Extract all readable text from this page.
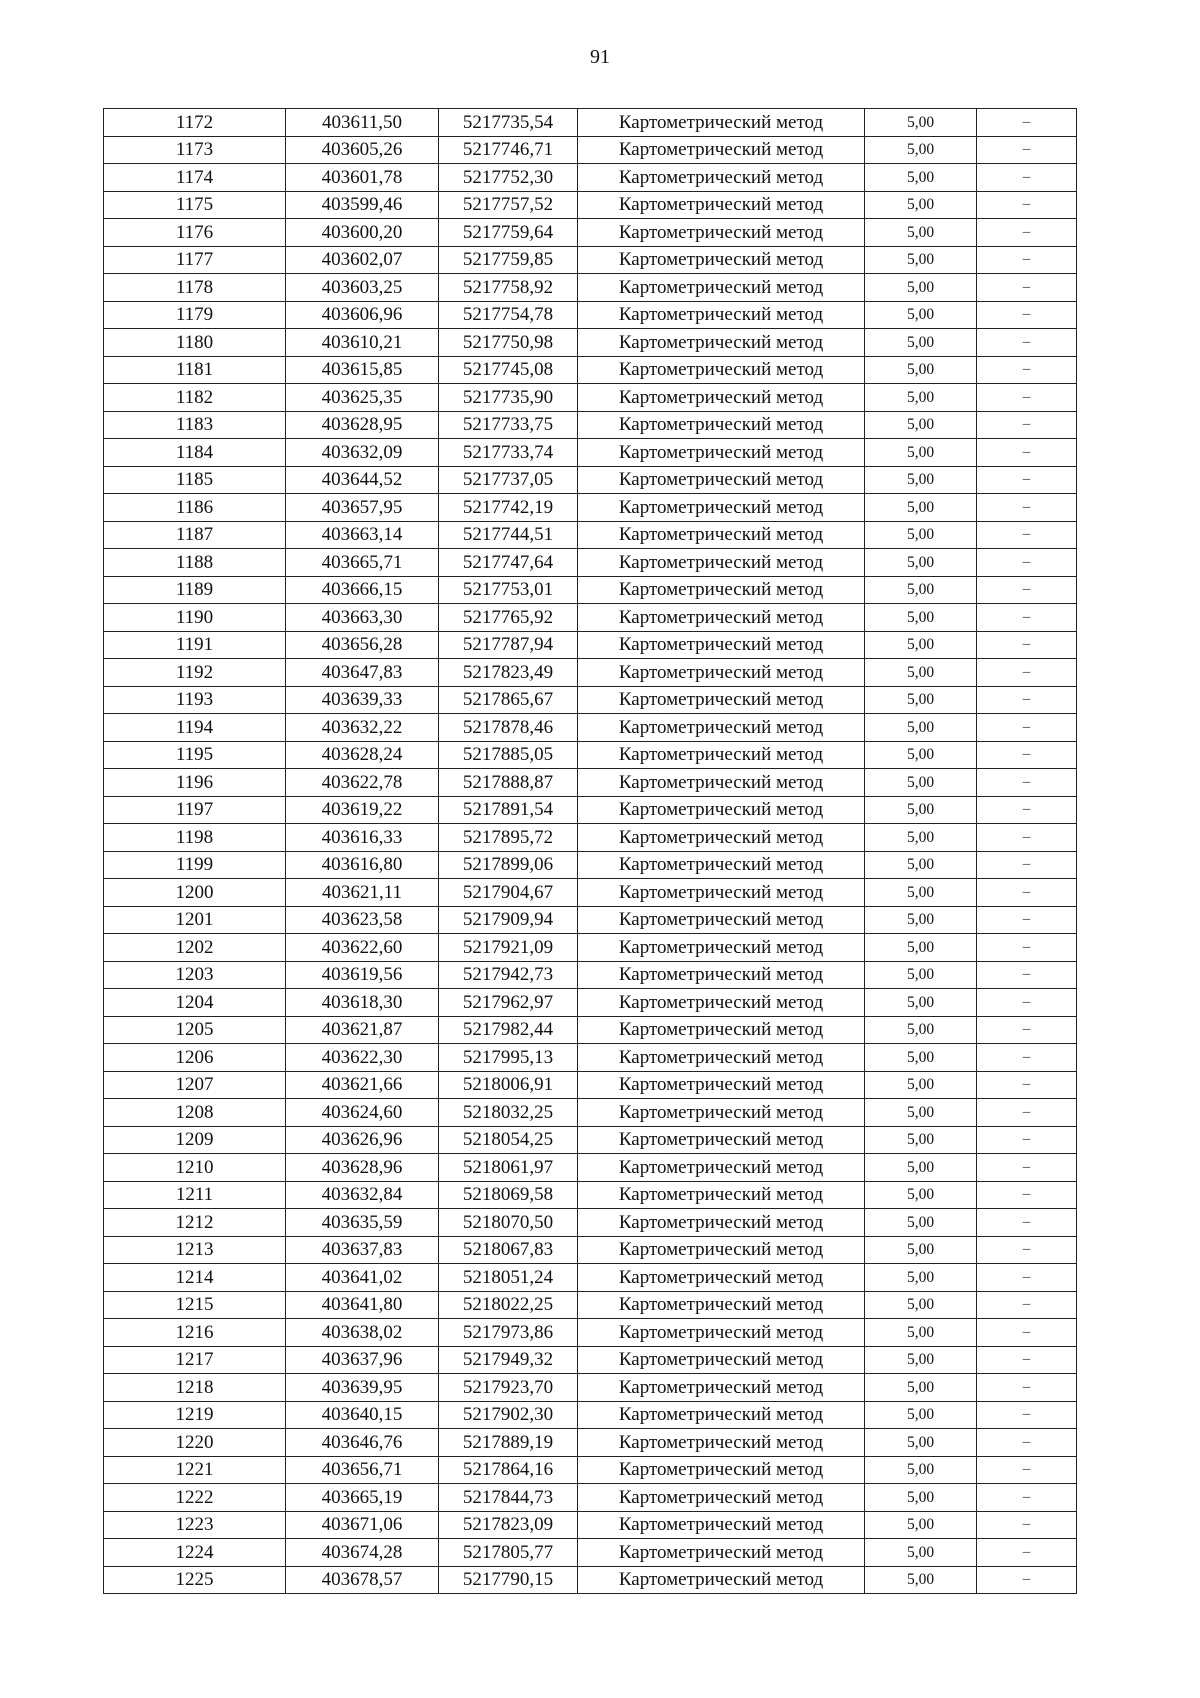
91
1172	403611,50	5217735,54	Картометрический метод	5,00	–
1173	403605,26	5217746,71	Картометрический метод	5,00	–
1174	403601,78	5217752,30	Картометрический метод	5,00	–
1175	403599,46	5217757,52	Картометрический метод	5,00	–
1176	403600,20	5217759,64	Картометрический метод	5,00	–
1177	403602,07	5217759,85	Картометрический метод	5,00	–
1178	403603,25	5217758,92	Картометрический метод	5,00	–
1179	403606,96	5217754,78	Картометрический метод	5,00	–
1180	403610,21	5217750,98	Картометрический метод	5,00	–
1181	403615,85	5217745,08	Картометрический метод	5,00	–
1182	403625,35	5217735,90	Картометрический метод	5,00	–
1183	403628,95	5217733,75	Картометрический метод	5,00	–
1184	403632,09	5217733,74	Картометрический метод	5,00	–
1185	403644,52	5217737,05	Картометрический метод	5,00	–
1186	403657,95	5217742,19	Картометрический метод	5,00	–
1187	403663,14	5217744,51	Картометрический метод	5,00	–
1188	403665,71	5217747,64	Картометрический метод	5,00	–
1189	403666,15	5217753,01	Картометрический метод	5,00	–
1190	403663,30	5217765,92	Картометрический метод	5,00	–
1191	403656,28	5217787,94	Картометрический метод	5,00	–
1192	403647,83	5217823,49	Картометрический метод	5,00	–
1193	403639,33	5217865,67	Картометрический метод	5,00	–
1194	403632,22	5217878,46	Картометрический метод	5,00	–
1195	403628,24	5217885,05	Картометрический метод	5,00	–
1196	403622,78	5217888,87	Картометрический метод	5,00	–
1197	403619,22	5217891,54	Картометрический метод	5,00	–
1198	403616,33	5217895,72	Картометрический метод	5,00	–
1199	403616,80	5217899,06	Картометрический метод	5,00	–
1200	403621,11	5217904,67	Картометрический метод	5,00	–
1201	403623,58	5217909,94	Картометрический метод	5,00	–
1202	403622,60	5217921,09	Картометрический метод	5,00	–
1203	403619,56	5217942,73	Картометрический метод	5,00	–
1204	403618,30	5217962,97	Картометрический метод	5,00	–
1205	403621,87	5217982,44	Картометрический метод	5,00	–
1206	403622,30	5217995,13	Картометрический метод	5,00	–
1207	403621,66	5218006,91	Картометрический метод	5,00	–
1208	403624,60	5218032,25	Картометрический метод	5,00	–
1209	403626,96	5218054,25	Картометрический метод	5,00	–
1210	403628,96	5218061,97	Картометрический метод	5,00	–
1211	403632,84	5218069,58	Картометрический метод	5,00	–
1212	403635,59	5218070,50	Картометрический метод	5,00	–
1213	403637,83	5218067,83	Картометрический метод	5,00	–
1214	403641,02	5218051,24	Картометрический метод	5,00	–
1215	403641,80	5218022,25	Картометрический метод	5,00	–
1216	403638,02	5217973,86	Картометрический метод	5,00	–
1217	403637,96	5217949,32	Картометрический метод	5,00	–
1218	403639,95	5217923,70	Картометрический метод	5,00	–
1219	403640,15	5217902,30	Картометрический метод	5,00	–
1220	403646,76	5217889,19	Картометрический метод	5,00	–
1221	403656,71	5217864,16	Картометрический метод	5,00	–
1222	403665,19	5217844,73	Картометрический метод	5,00	–
1223	403671,06	5217823,09	Картометрический метод	5,00	–
1224	403674,28	5217805,77	Картометрический метод	5,00	–
1225	403678,57	5217790,15	Картометрический метод	5,00	–
